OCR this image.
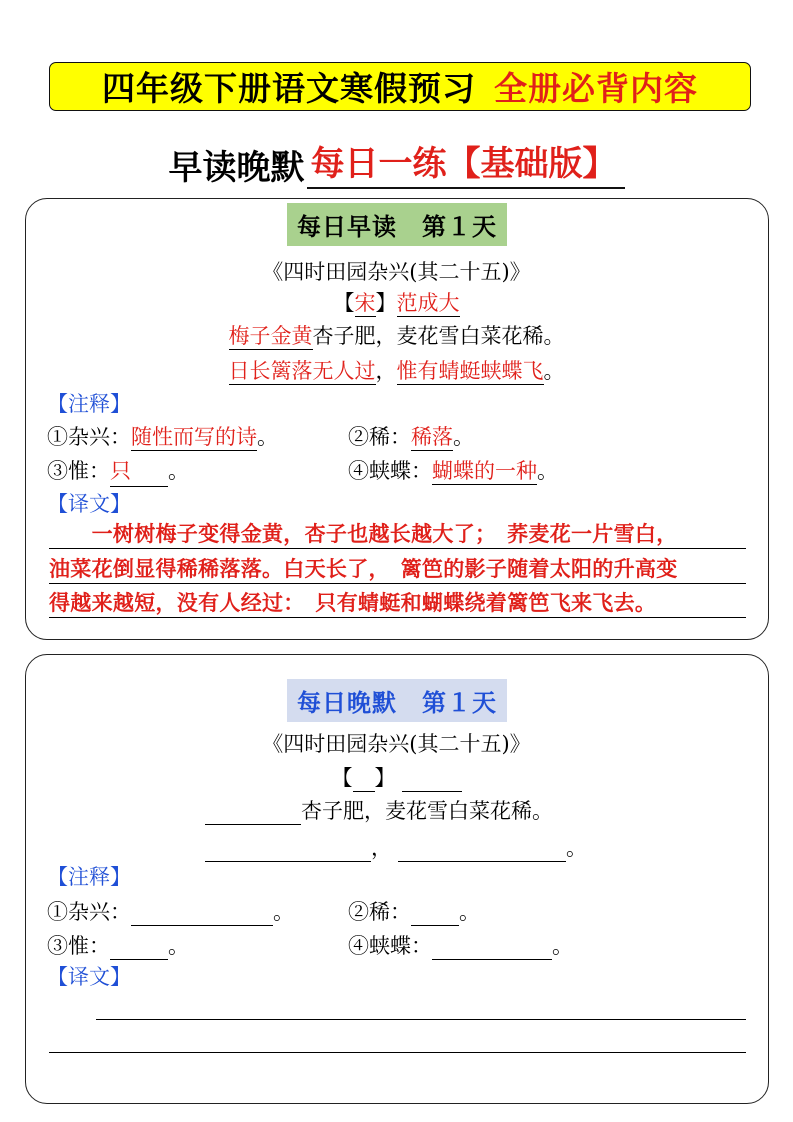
四年级下册语文寒假预习 全册必背内容
早读晚默 每日一练【基础版】
每日早读　第１天
《四时田园杂兴(其二十五)》
【宋】范成大
梅子金黄杏子肥，麦花雪白菜花稀。
日长篱落无人过，惟有蜻蜓蛱蝶飞。
【注释】
①杂兴：随性而写的诗。	②稀：稀落。
③惟：只 。	④蛱蝶：蝴蝶的一种。
【译文】
　　一树树梅子变得金黄，杏子也越长越大了；　荞麦花一片雪白，
油菜花倒显得稀稀落落。白天长了，　篱笆的影子随着太阳的升高变
得越来越短，没有人经过：　只有蜻蜓和蝴蝶绕着篱笆飞来飞去。
每日晚默　第１天
《四时田园杂兴(其二十五)》
【 】
杏子肥，麦花雪白菜花稀。
，	。
【注释】
①杂兴：	。	②稀： 。
③惟：	。	④蛱蝶：	。
【译文】
